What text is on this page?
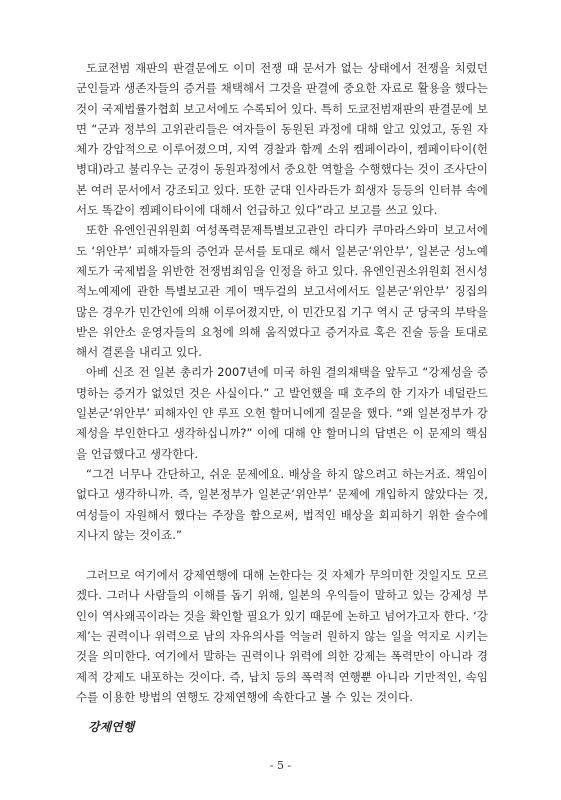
도쿄전범 재판의 판결문에도 이미 전쟁 때 문서가 없는 상태에서 전쟁을 치렀던 군인들과 생존자들의 증거를 채택해서 그것을 판결에 중요한 자료로 활용을 했다는 것이 국제법률가협회 보고서에도 수록되어 있다. 특히 도쿄전범재판의 판결문에 보면 “군과 정부의 고위관리들은 여자들이 동원된 과정에 대해 알고 있었고, 동원 자체가 강압적으로 이루어졌으며, 지역 경찰과 함께 소위 켐페이라이, 켐페이타이(헌병대)라고 불리우는 군경이 동원과정에서 중요한 역할을 수행했다는 것이 조사단이 본 여러 문서에서 강조되고 있다. 또한 군대 인사라든가 희생자 등등의 인터뷰 속에서도 똑같이 켐페이타이에 대해서 언급하고 있다”라고 보고를 쓰고 있다.

또한 유엔인권위원회 여성폭력문제특별보고관인 라디카 쿠마라스와미 보고서에도 ‘위안부’ 피해자들의 증언과 문서를 토대로 해서 일본군‘위안부’, 일본군 성노예제도가 국제법을 위반한 전쟁범죄임을 인정을 하고 있다. 유엔인권소위원회 전시성적노예제에 관한 특별보고관 게이 맥두걸의 보고서에서도 일본군‘위안부’ 징집의 많은 경우가 민간인에 의해 이루어졌지만, 이 민간모집 기구 역시 군 당국의 부탁을 받은 위안소 운영자들의 요청에 의해 움직였다고 증거자료 혹은 진술 등을 토대로 해서 결론을 내리고 있다.

아베 신조 전 일본 총리가 2007년에 미국 하원 결의채택을 앞두고 “강제성을 증명하는 증거가 없었던 것은 사실이다.” 고 발언했을 때 호주의 한 기자가 네덜란드 일본군‘위안부’ 피해자인 얀 루프 오헌 할머니에게 질문을 했다. “왜 일본정부가 강제성을 부인한다고 생각하십니까?” 이에 대해 얀 할머니의 답변은 이 문제의 핵심을 언급했다고 생각한다.

“그건 너무나 간단하고, 쉬운 문제에요. 배상을 하지 않으려고 하는거죠. 책임이 없다고 생각하니까. 즉, 일본정부가 일본군‘위안부’ 문제에 개입하지 않았다는 것, 여성들이 자원해서 했다는 주장을 함으로써, 법적인 배상을 회피하기 위한 술수에 지나지 않는 것이죠.”

그러므로 여기에서 강제연행에 대해 논한다는 것 자체가 무의미한 것일지도 모르겠다. 그러나 사람들의 이해를 돕기 위해, 일본의 우익들이 말하고 있는 강제성 부인이 역사왜곡이라는 것을 확인할 필요가 있기 때문에 논하고 넘어가고자 한다. ‘강제’는 권력이나 위력으로 남의 자유의사를 억눌러 원하지 않는 일을 억지로 시키는 것을 의미한다. 여기에서 말하는 권력이나 위력에 의한 강제는 폭력만이 아니라 경제적 강제도 내포하는 것이다. 즉, 납치 등의 폭력적 연행뿐 아니라 기만적인, 속임수를 이용한 방법의 연행도 강제연행에 속한다고 볼 수 있는 것이다.

강제연행
- 5 -
